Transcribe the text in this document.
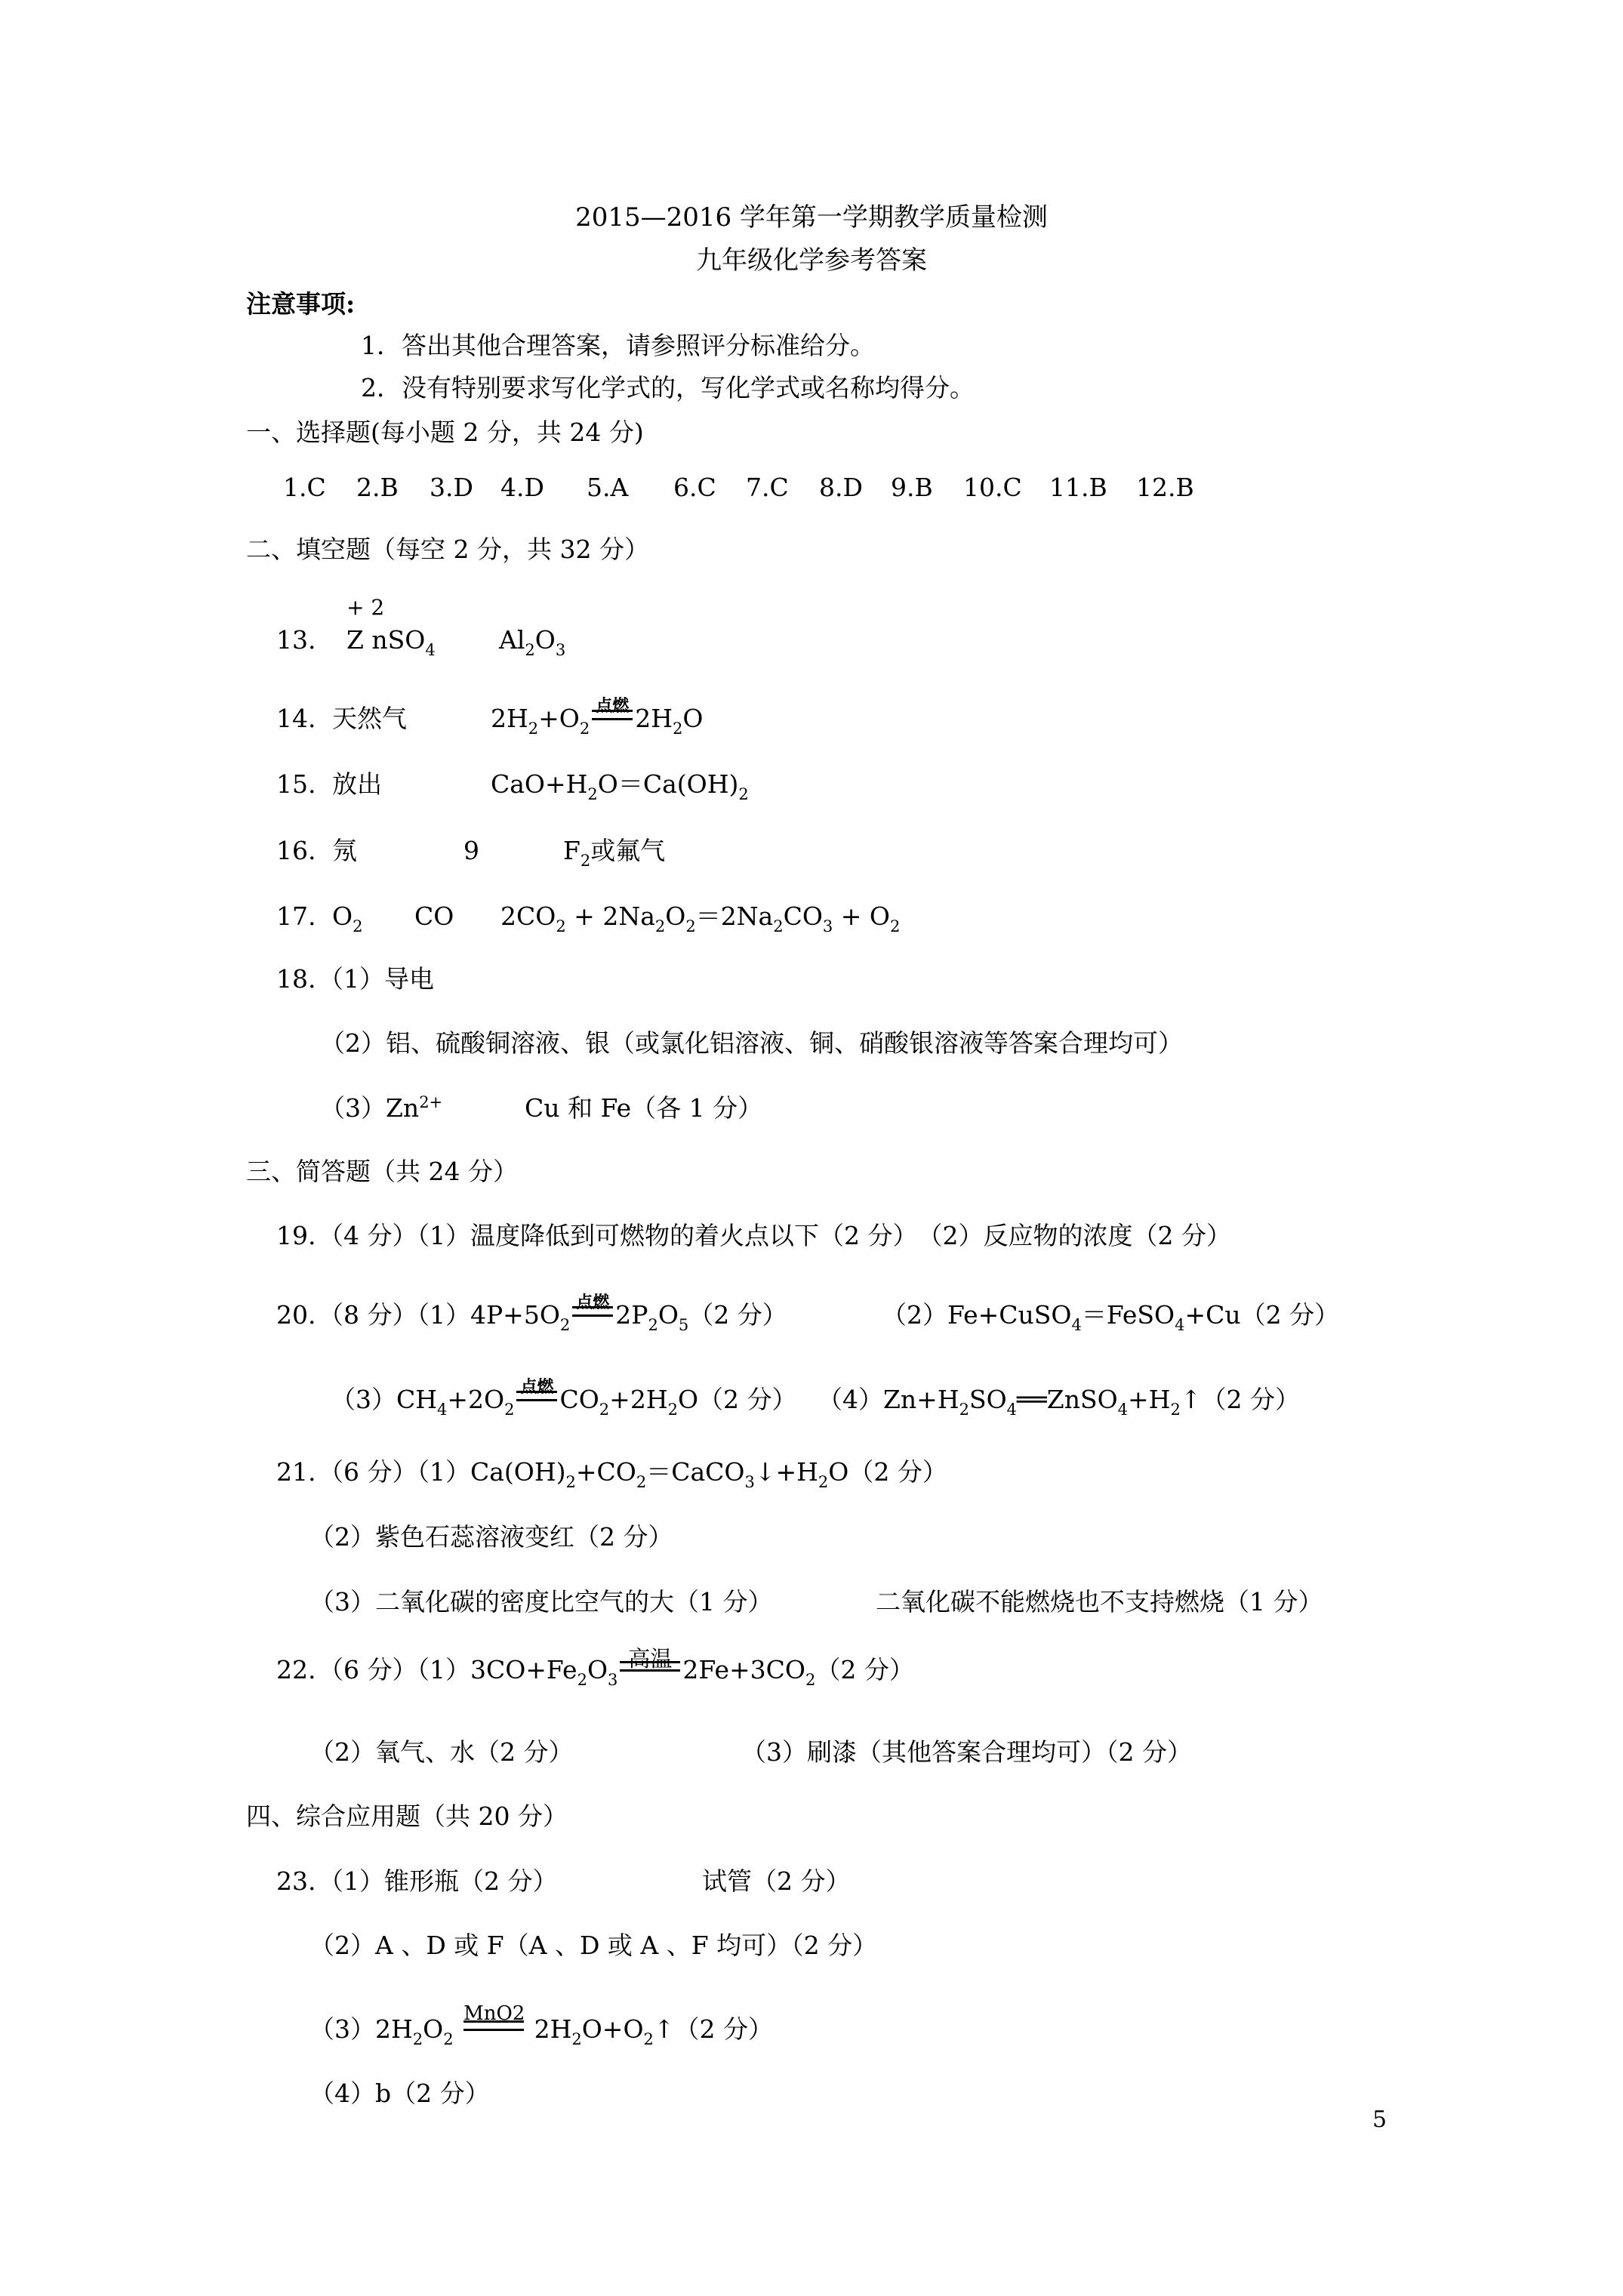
2015—2016 学年第一学期教学质量检测
九年级化学参考答案
注意事项:
1．答出其他合理答案，请参照评分标准给分。
2．没有特别要求写化学式的，写化学式或名称均得分。
一、选择题(每小题 2 分，共 24 分)
1.C 2.B 3.D 4.D 5.A 6.C 7.C 8.D 9.B 10.C 11.B 12.B
二、填空题（每空 2 分，共 32 分）
13.
+ 2
Z nSO$_4$	$Al_2O_3$
14. 天然气	$2H_2+O_2$
点燃 $2H_2O$
15. 放出	$CaO+H_2O=Ca(OH)_2$
16. 氖	9	$F_2$或氟气
17. $O_2$ CO $2CO_2 + 2Na_2O_2=2Na_2CO_3 + O_2$
18. （1）导电
（2）铝、硫酸铜溶液、银（或氯化铝溶液、铜、硝酸银溶液等答案合理均可）
$(3)Zn^{2+}$	Cu 和 Fe（各 1 分）
三、简答题（共 24 分）
19. （4 分）（1）温度降低到可燃物的着火点以下（2 分）　（2）反应物的浓度（2 分）
20. （8 分）$(1)4P+5O_2$
点燃 $2P_2O_5(2$ 分）	（2）Fe+CuSO$_4$＝FeSO$_4$+Cu（2 分）
$(3)CH_4+2O_2$
点燃 $CO_2+2H_2O(2$ 分） $(4)Zn+H_2SO_4══ZnSO_4+H_2↑(2$ 分）
21. （6 分）$(1)Ca(OH)_2+CO_2=CaCO_3↓+H_2O(2$ 分）
（2）紫色石蕊溶液变红（2 分）
（3）二氧化碳的密度比空气的大（1 分）	二氧化碳不能燃烧也不支持燃烧（1 分）
22. （6 分）$(1)3CO+Fe_2O_3$
高温 $2Fe+3CO_2(2$ 分）
（2）氧气、水（2 分）	（3）刷漆（其他答案合理均可）（2 分）
四、综合应用题（共 20 分）
23. （1）锥形瓶（2 分）	试管（2 分）
（2）A 、D 或 F（A 、D 或 A 、F 均可）（2 分）
$(3)2H_2O_2$
MnO2
$2H_2O+O_2↑(2$ 分）
（4）b（2 分）
5
